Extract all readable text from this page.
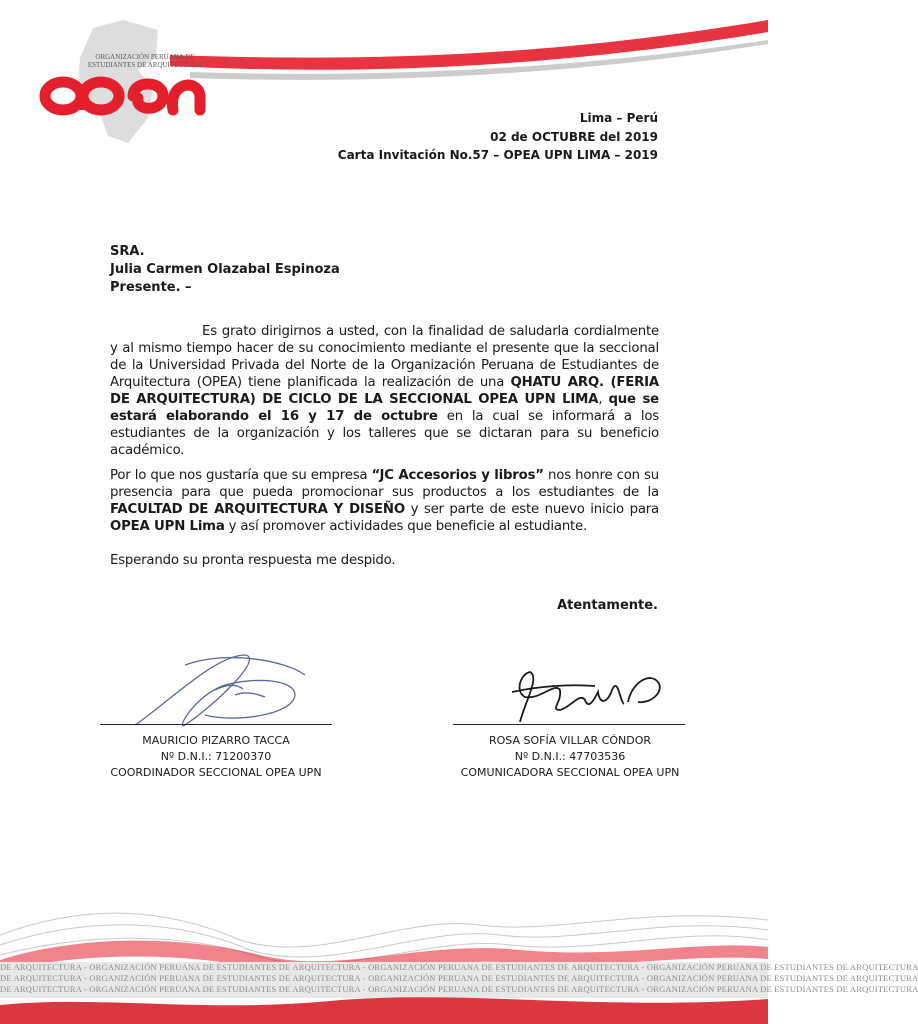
ORGANIZACIÓN PERUANA DE
ESTUDIANTES DE ARQUITECTURA
Lima – Perú
02 de OCTUBRE del 2019
Carta Invitación No.57 – OPEA UPN LIMA – 2019
SRA.
Julia Carmen Olazabal Espinoza
Presente. –
Es grato dirigirnos a usted, con la finalidad de saludarla cordialmente y al mismo tiempo hacer de su conocimiento mediante el presente que la seccional de la Universidad Privada del Norte de la Organización Peruana de Estudiantes de Arquitectura (OPEA) tiene planificada la realización de una QHATU ARQ. (FERIA DE ARQUITECTURA) DE CICLO DE LA SECCIONAL OPEA UPN LIMA, que se estará elaborando el 16 y 17 de octubre en la cual se informará a los estudiantes de la organización y los talleres que se dictaran para su beneficio académico.
Por lo que nos gustaría que su empresa “JC Accesorios y libros” nos honre con su presencia para que pueda promocionar sus productos a los estudiantes de la FACULTAD DE ARQUITECTURA Y DISEÑO y ser parte de este nuevo inicio para OPEA UPN Lima y así promover actividades que beneficie al estudiante.
Esperando su pronta respuesta me despido.
Atentamente.
MAURICIO PIZARRO TACCA
Nº D.N.I.: 71200370
COORDINADOR SECCIONAL OPEA UPN
ROSA SOFÍA VILLAR CÓNDOR
Nº D.N.I.: 47703536
COMUNICADORA SECCIONAL OPEA UPN
DE ARQUITECTURA - ORGANIZACIÓN PERUANA DE ESTUDIANTES DE ARQUITECTURA - ORGANIZACIÓN PERUANA DE ESTUDIANTES DE ARQUITECTURA - ORGANIZACIÓN PERUANA DE ESTUDIANTES DE ARQUITECTURA
DE ARQUITECTURA - ORGANIZACIÓN PERUANA DE ESTUDIANTES DE ARQUITECTURA - ORGANIZACIÓN PERUANA DE ESTUDIANTES DE ARQUITECTURA - ORGANIZACIÓN PERUANA DE ESTUDIANTES DE ARQUITECTURA
DE ARQUITECTURA - ORGANIZACIÓN PERUANA DE ESTUDIANTES DE ARQUITECTURA - ORGANIZACIÓN PERUANA DE ESTUDIANTES DE ARQUITECTURA - ORGANIZACIÓN PERUANA DE ESTUDIANTES DE ARQUITECTURA
